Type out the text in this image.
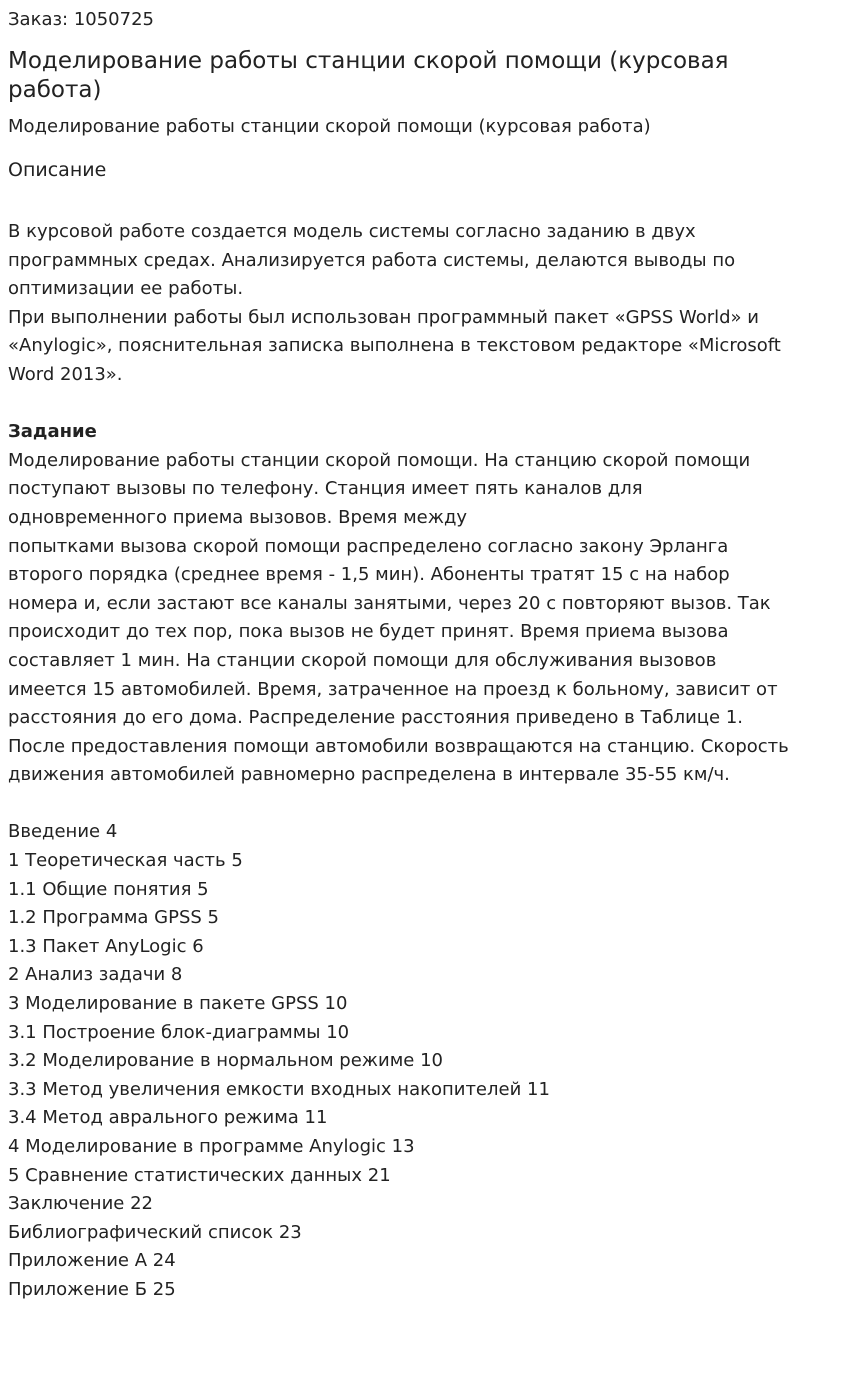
Заказ: 1050725
Моделирование работы станции скорой помощи (курсовая работа)
Моделирование работы станции скорой помощи (курсовая работа)
Описание
В курсовой работе создается модель системы согласно заданию в двух
программных средах. Анализируется работа системы, делаются выводы по
оптимизации ее работы.
При выполнении работы был использован программный пакет «GPSS World» и
«Anylogic», пояснительная записка выполнена в текстовом редакторе «Microsoft
Word 2013».
Задание
Моделирование работы станции скорой помощи. На станцию скорой помощи
поступают вызовы по телефону. Станция имеет пять каналов для
одновременного приема вызовов. Время между
попытками вызова скорой помощи распределено согласно закону Эрланга
второго порядка (среднее время - 1,5 мин). Абоненты тратят 15 с на набор
номера и, если застают все каналы занятыми, через 20 с повторяют вызов. Так
происходит до тех пор, пока вызов не будет принят. Время приема вызова
составляет 1 мин. На станции скорой помощи для обслуживания вызовов
имеется 15 автомобилей. Время, затраченное на проезд к больному, зависит от
расстояния до его дома. Распределение расстояния приведено в Таблице 1.
После предоставления помощи автомобили возвращаются на станцию. Скорость
движения автомобилей равномерно распределена в интервале 35-55 км/ч.
Введение 4
1 Теоретическая часть 5
1.1 Общие понятия 5
1.2 Программа GPSS 5
1.3 Пакет AnyLogic 6
2 Анализ задачи 8
3 Моделирование в пакете GPSS 10
3.1 Построение блок-диаграммы 10
3.2 Моделирование в нормальном режиме 10
3.3 Метод увеличения емкости входных накопителей 11
3.4 Метод аврального режима 11
4 Моделирование в программе Anylogic 13
5 Сравнение статистических данных 21
Заключение 22
Библиографический список 23
Приложение А 24
Приложение Б 25
